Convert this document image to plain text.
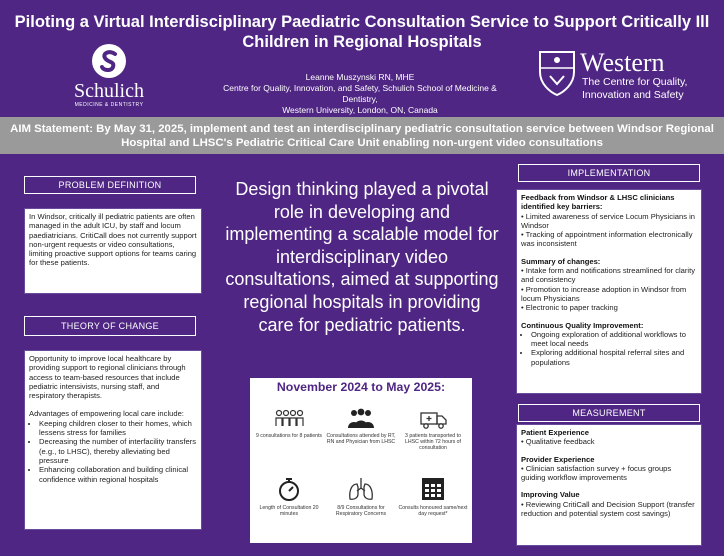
Piloting a Virtual Interdisciplinary Paediatric Consultation Service to Support Critically Ill Children in Regional Hospitals
Schulich
MEDICINE & DENTISTRY
Leanne Muszynski RN, MHE
Centre for Quality, Innovation, and Safety, Schulich School of Medicine & Dentistry,
Western University, London, ON, Canada
Western
The Centre for Quality, Innovation and Safety
AIM Statement: By May 31, 2025, implement and test an interdisciplinary pediatric consultation service between Windsor Regional Hospital and LHSC's Pediatric Critical Care Unit enabling non-urgent video consultations
PROBLEM DEFINITION
In Windsor, critically ill pediatric patients are often managed in the adult ICU, by staff and locum paediatricians. CritiCall does not currently support non-urgent requests or video consultations, limiting proactive support options for teams caring for these patients.
THEORY OF CHANGE
Opportunity to improve local healthcare by providing support to regional clinicians through access to team-based resources that include pediatric intensivists, nursing staff, and respiratory therapists.
Advantages of empowering local care include:
• Keeping children closer to their homes, which lessens stress for families
• Decreasing the number of interfacility transfers (e.g., to LHSC), thereby alleviating bed pressure
• Enhancing collaboration and building clinical confidence within regional hospitals
Design thinking played a pivotal role in developing and implementing a scalable model for interdisciplinary video consultations, aimed at supporting regional hospitals in providing care for pediatric patients.
November 2024 to May 2025:
9 consultations for 8 patients Consultations attended by RT, RN and Physician from LHSC
3 patients transported to LHSC within 72 hours of consultation
Length of Consultation 20 minutes
8/9 Consultations for Respiratory Concerns
Consults honoured same/next day request*
IMPLEMENTATION
Feedback from Windsor & LHSC clinicians identified key barriers:
• Limited awareness of service Locum Physicians in Windsor
• Tracking of appointment information electronically was inconsistent
Summary of changes:
• Intake form and notifications streamlined for clarity and consistency
• Promotion to increase adoption in Windsor from locum Physicians
• Electronic to paper tracking
Continuous Quality Improvement:
• Ongoing exploration of additional workflows to meet local needs
• Exploring additional hospital referral sites and populations
MEASUREMENT
Patient Experience
• Qualitative feedback
Provider Experience
• Clinician satisfaction survey + focus groups guiding workflow improvements
Improving Value
• Reviewing CritiCall and Decision Support (transfer reduction and potential system cost savings)
